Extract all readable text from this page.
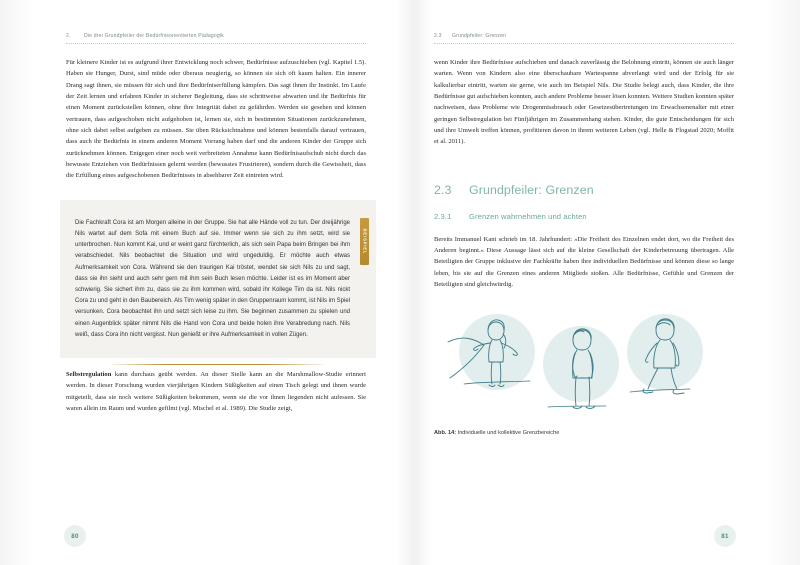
2.	Die drei Grundpfeiler der Bedürfnisorientierten Pädagogik

Für kleinere Kinder ist es aufgrund ihrer Entwicklung noch schwer, Bedürfnisse aufzuschieben (vgl. Kapitel 1.5). Haben sie Hunger, Durst, sind müde oder überaus neugierig, so können sie sich oft kaum halten. Ein innerer Drang sagt ihnen, sie müssen für sich und ihre Bedürfniserfüllung kämpfen. Das sagt ihnen ihr Instinkt. Im Laufe der Zeit lernen und erfahren Kinder in sicherer Begleitung, dass sie schrittweise abwarten und ihr Bedürfnis für einen Moment zurückstellen können, ohne ihre Integrität dabei zu gefährden. Werden sie gesehen und können vertrauen, dass aufgeschoben nicht aufgehoben ist, lernen sie, sich in bestimmten Situationen zurückzunehmen, ohne sich dabei selbst aufgeben zu müssen. Sie üben Rücksichtnahme und können bestenfalls darauf vertrauen, dass auch ihr Bedürfnis in einem anderen Moment Vorrang haben darf und die anderen Kinder der Gruppe sich zurücknehmen können. Entgegen einer noch weit verbreiteten Annahme kann Bedürfnisaufschub nicht durch das bewusste Entziehen von Bedürfnissen gelernt werden (bewusstes Frustrieren), sondern durch die Gewissheit, dass die Erfüllung eines aufgeschobenen Bedürfnisses in absehbarer Zeit eintreten wird.

BEISPIEL

Die Fachkraft Cora ist am Morgen alleine in der Gruppe. Sie hat alle Hände voll zu tun. Der dreijährige Nils wartet auf dem Sofa mit einem Buch auf sie. Immer wenn sie sich zu ihm setzt, wird sie unterbrochen. Nun kommt Kai, und er weint ganz fürchterlich, als sich sein Papa beim Bringen bei ihm verabschiedet. Nils beobachtet die Situation und wird ungeduldig. Er möchte auch etwas Aufmerksamkeit von Cora. Während sie den traurigen Kai tröstet, wendet sie sich Nils zu und sagt, dass sie ihn sieht und auch sehr gern mit ihm sein Buch lesen möchte. Leider ist es im Moment aber schwierig. Sie sichert ihm zu, dass sie zu ihm kommen wird, sobald ihr Kollege Tim da ist. Nils nickt Cora zu und geht in den Baubereich. Als Tim wenig später in den Gruppenraum kommt, ist Nils im Spiel versunken. Cora beobachtet ihn und setzt sich leise zu ihm. Sie beginnen zusammen zu spielen und einen Augenblick später nimmt Nils die Hand von Cora und beide holen ihre Verabredung nach. Nils weiß, dass Cora ihn nicht vergisst. Nun genießt er ihre Aufmerksamkeit in vollen Zügen.

Selbstregulation kann durchaus geübt werden. An dieser Stelle kann an die Marshmallow-Studie erinnert werden. In dieser Forschung wurden vierjährigen Kindern Süßigkeiten auf einen Tisch gelegt und ihnen wurde mitgeteilt, dass sie noch weitere Süßigkeiten bekommen, wenn sie die vor ihnen liegenden nicht aufessen. Sie waren allein im Raum und wurden gefilmt (vgl. Mischel et al. 1989). Die Studie zeigt,

80
2.3 Grundpfeiler: Grenzen

wenn Kinder ihre Bedürfnisse aufschieben und danach zuverlässig die Belohnung eintritt, können sie auch länger warten. Wenn von Kindern also eine überschaubare Wartespanne abverlangt wird und der Erfolg für sie kalkulierbar eintritt, warten sie gerne, wie auch im Beispiel Nils. Die Studie belegt auch, dass Kinder, die ihre Bedürfnisse gut aufschieben konnten, auch andere Probleme besser lösen konnten. Weitere Studien konnten später nachweisen, dass Probleme wie Drogenmissbrauch oder Gesetzesübertretungen im Erwachsenenalter mit einer geringen Selbstregulation bei Fünfjährigen im Zusammenhang stehen. Kinder, die gute Entscheidungen für sich und ihre Umwelt treffen können, profitieren davon in ihrem weiteren Leben (vgl. Helle & Flogstad 2020; Moffit et al. 2011).

2.3	Grundpfeiler: Grenzen
2.3.1	Grenzen wahrnehmen und achten

Bereits Immanuel Kant schrieb im 18. Jahrhundert: »Die Freiheit des Einzelnen endet dort, wo die Freiheit des Anderen beginnt.« Diese Aussage lässt sich auf die kleine Gesellschaft der Kinderbetreuung übertragen. Alle Beteiligten der Gruppe inklusive der Fachkräfte haben ihre individuellen Bedürfnisse und können diese so lange leben, bis sie auf die Grenzen eines anderen Mitglieds stoßen. Alle Bedürfnisse, Gefühle und Grenzen der Beteiligten sind gleichwürdig.

Abb. 14: Individuelle und kollektive Grenzbereiche
81
